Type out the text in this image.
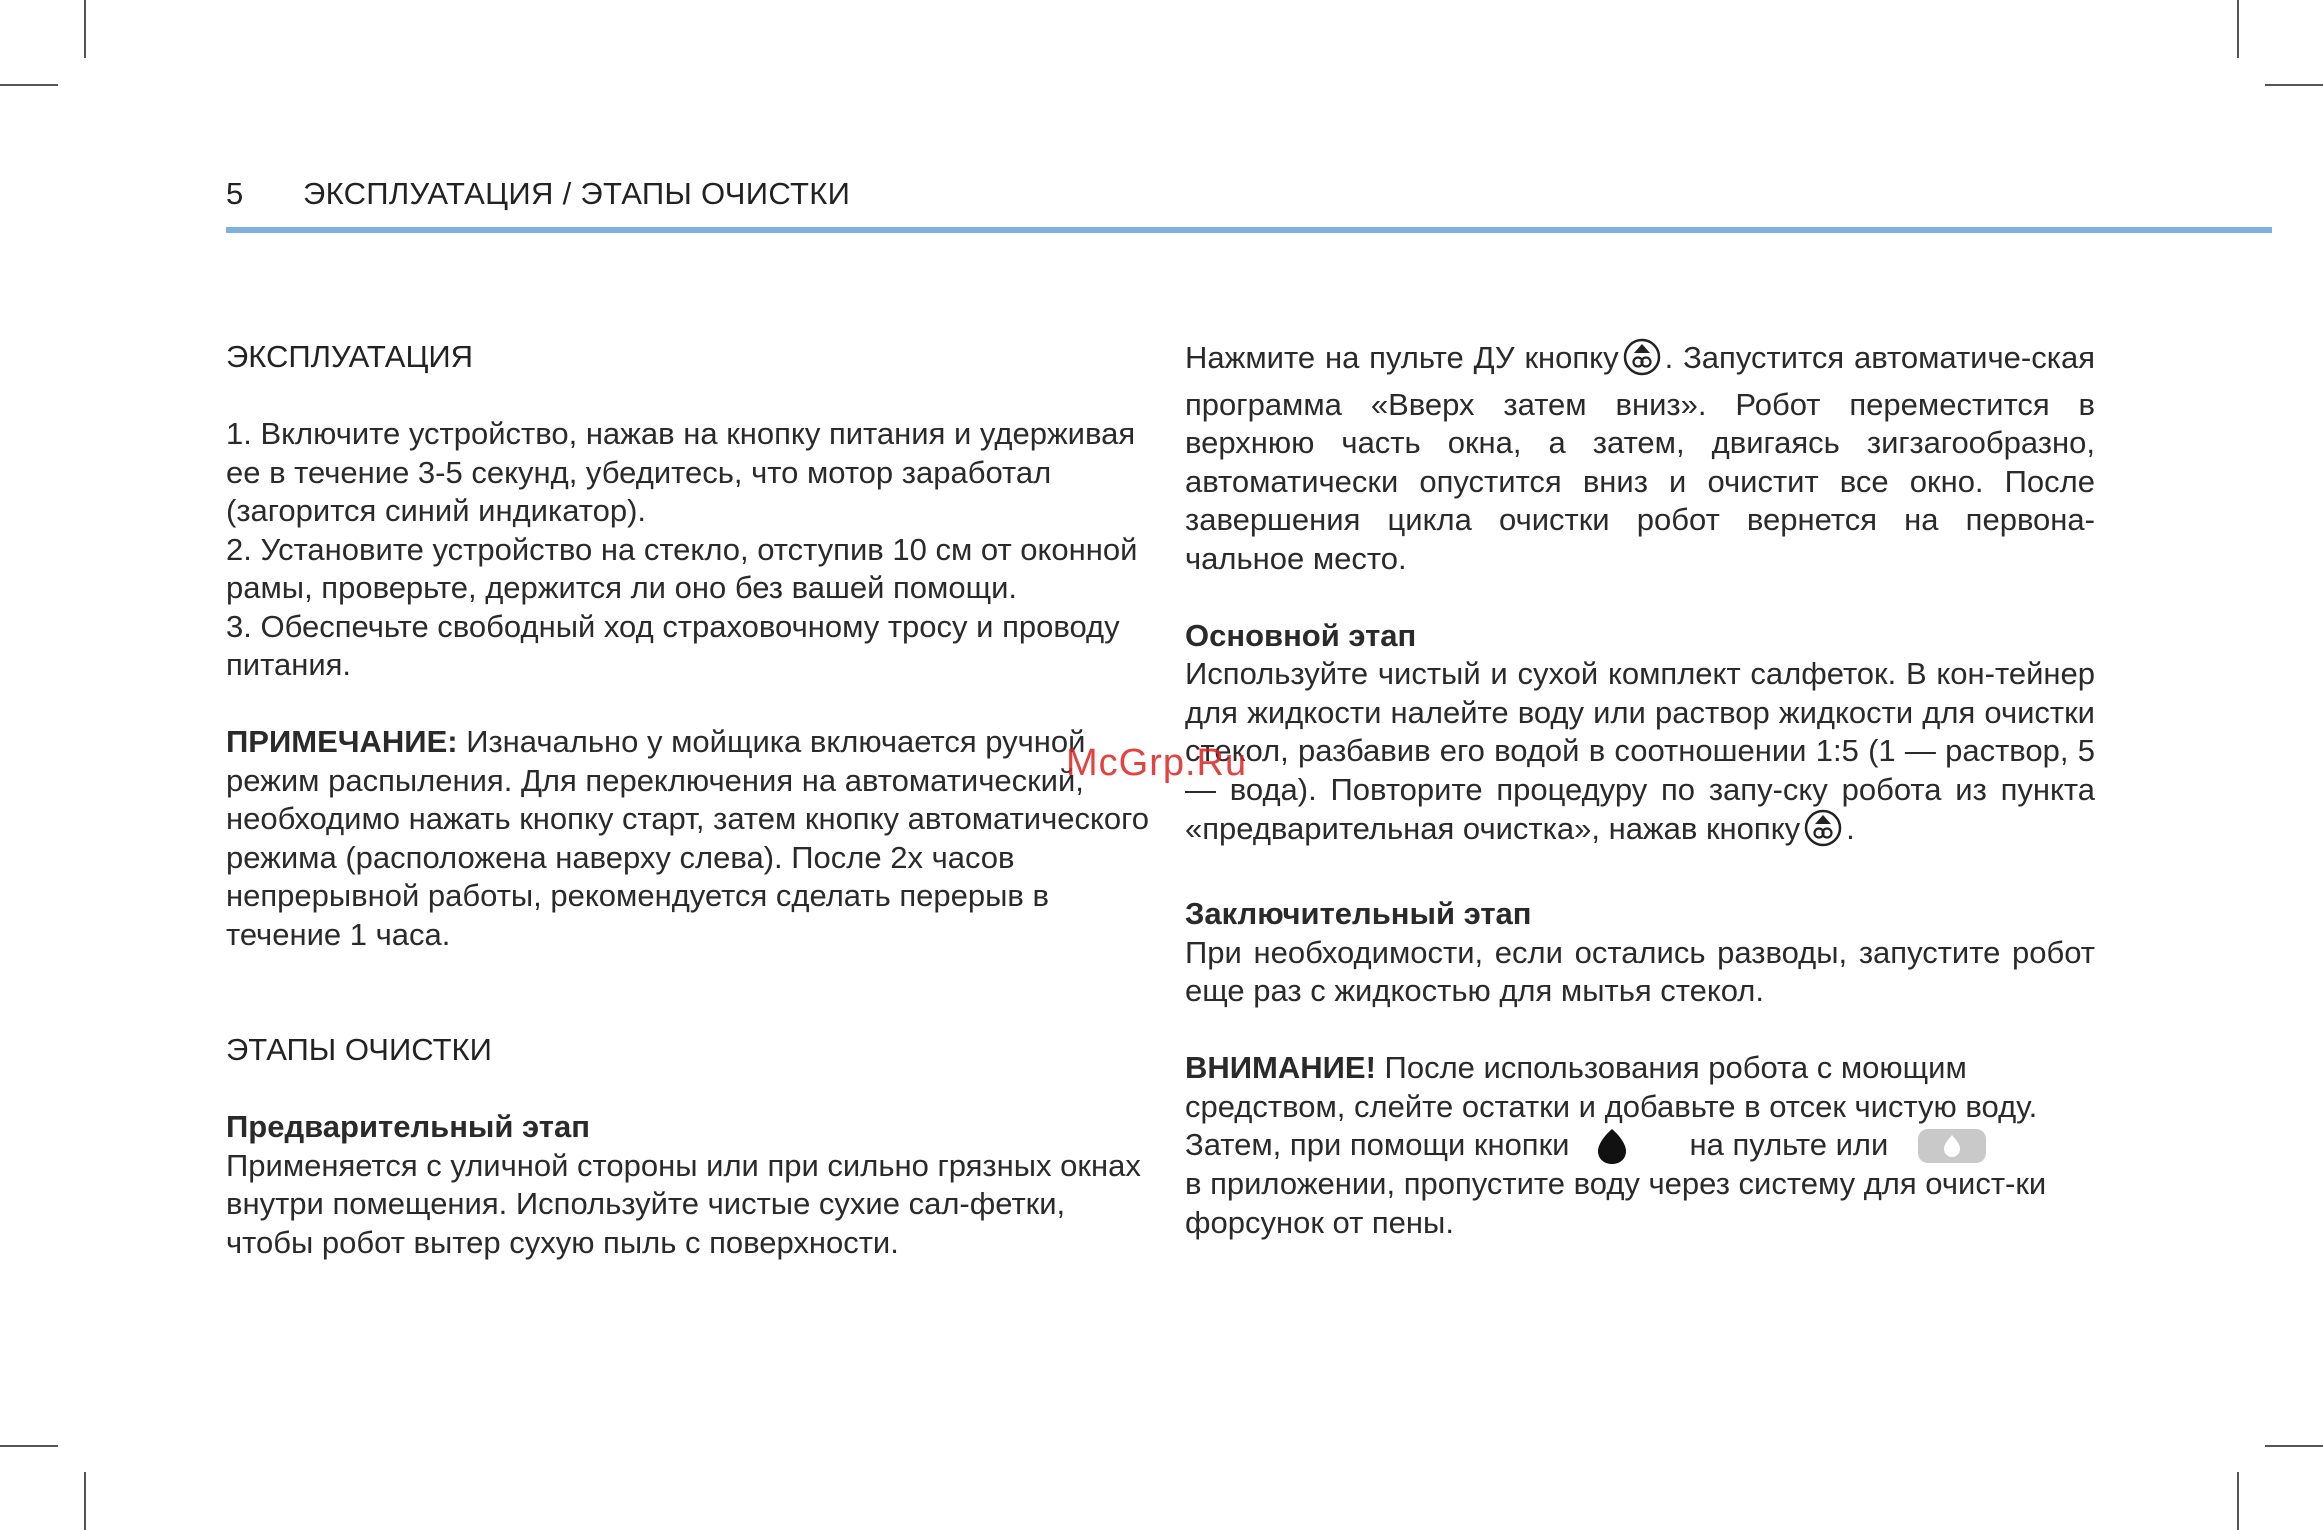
5 ЭКСПЛУАТАЦИЯ / ЭТАПЫ ОЧИСТКИ

ЭКСПЛУАТАЦИЯ

1. Включите устройство, нажав на кнопку питания и удерживая ее в течение 3-5 секунд, убедитесь, что мотор заработал (загорится синий индикатор).

2. Установите устройство на стекло, отступив 10 см от оконной рамы, проверьте, держится ли оно без вашей помощи.

3. Обеспечьте свободный ход страховочному тросу и проводу питания.

ПРИМЕЧАНИЕ: Изначально у мойщика включается ручной режим распыления. Для переключения на автоматический, необходимо нажать кнопку старт, затем кнопку автоматического режима (расположена наверху слева). После 2х часов непрерывной работы, рекомендуется сделать перерыв в течение 1 часа.

ЭТАПЫ ОЧИСТКИ

Предварительный этап

Применяется с уличной стороны или при сильно грязных окнах внутри помещения. Используйте чистые сухие сал-фетки, чтобы робот вытер сухую пыль с поверхности.

Нажмите на пульте ДУ кнопку . Запустится автоматиче-ская программа «Вверх затем вниз». Робот переместится в верхнюю часть окна, а затем, двигаясь зигзагообразно, автоматически опустится вниз и очистит все окно. После завершения цикла очистки робот вернется на первона-чальное место.

Основной этап

Используйте чистый и сухой комплект салфеток. В кон-тейнер для жидкости налейте воду или раствор жидкости для очистки стекол, разбавив его водой в соотношении 1:5 (1 — раствор, 5 — вода). Повторите процедуру по запу-ску робота из пункта «предварительная очистка», нажав кнопку .

Заключительный этап

При необходимости, если остались разводы, запустите робот еще раз с жидкостью для мытья стекол.

ВНИМАНИЕ! После использования робота с моющим средством, слейте остатки и добавьте в отсек чистую воду. Затем, при помощи кнопки	на пульте или

в приложении, пропустите воду через систему для очист-ки форсунок от пены.

McGrp.Ru
